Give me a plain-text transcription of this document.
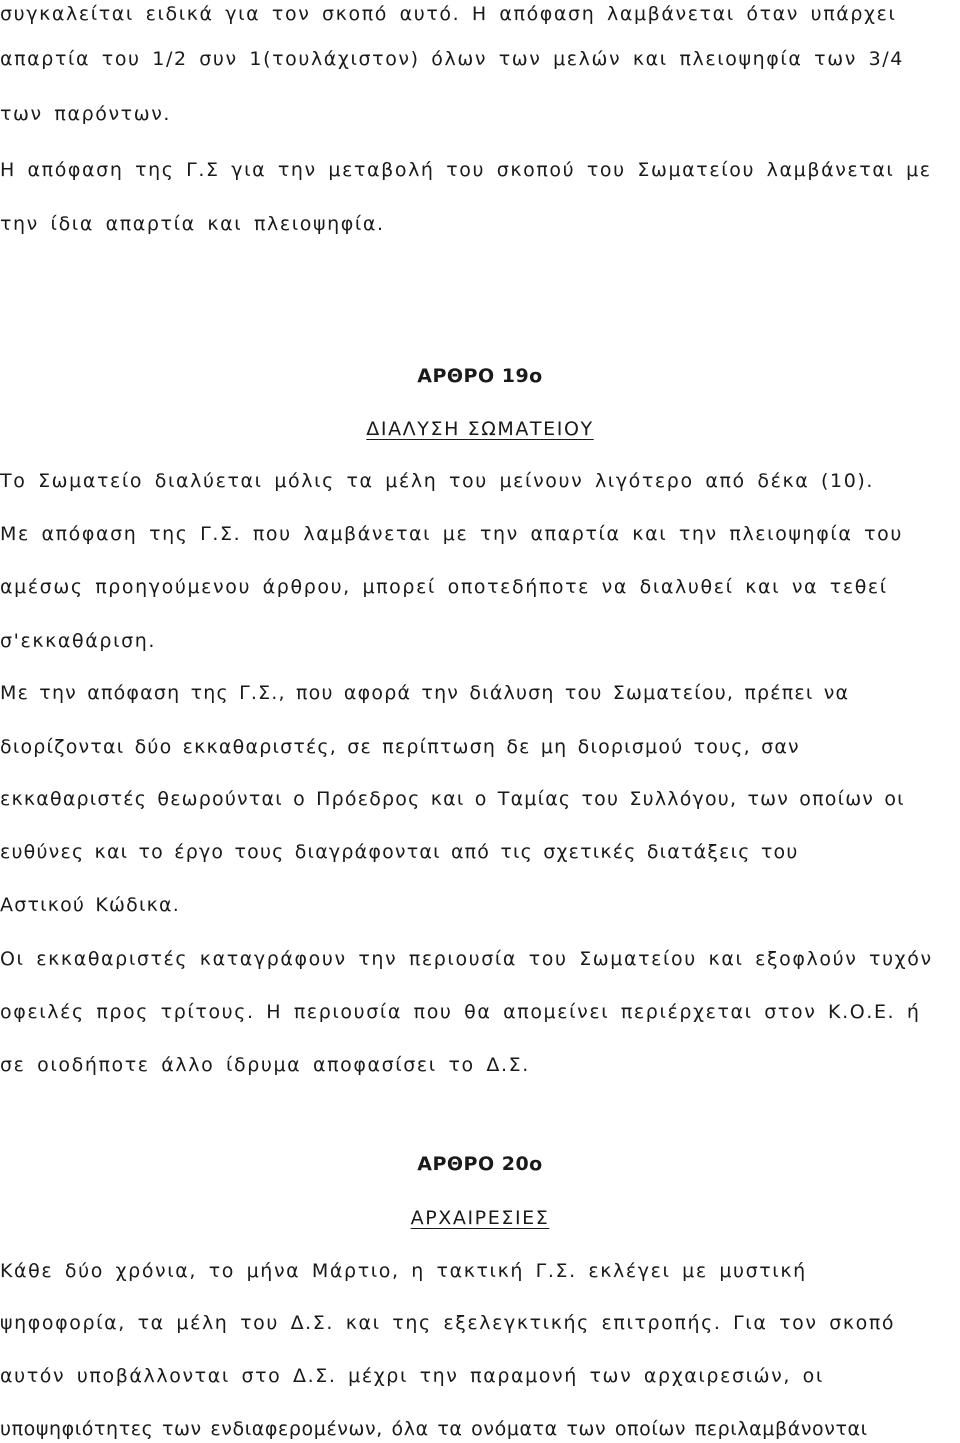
συγκαλείται ειδικά για τον σκοπό αυτό. Η απόφαση λαμβάνεται όταν υπάρχει
απαρτία του 1/2 συν 1(τουλάχιστον) όλων των μελών και πλειοψηφία των 3/4
των παρόντων.
Η απόφαση της Γ.Σ για την μεταβολή του σκοπού του Σωματείου λαμβάνεται με
την ίδια απαρτία και πλειοψηφία.
ΑΡΘΡΟ 19ο
ΔΙΑΛΥΣΗ ΣΩΜΑΤΕΙΟΥ
Το Σωματείο διαλύεται μόλις τα μέλη του μείνουν λιγότερο από δέκα (10).
Με απόφαση της Γ.Σ. που λαμβάνεται με την απαρτία και την πλειοψηφία του
αμέσως προηγούμενου άρθρου, μπορεί οποτεδήποτε να διαλυθεί και να τεθεί
σ'εκκαθάριση.
Με την απόφαση της Γ.Σ., που αφορά την διάλυση του Σωματείου, πρέπει να
διορίζονται δύο εκκαθαριστές, σε περίπτωση δε μη διορισμού τους, σαν
εκκαθαριστές θεωρούνται ο Πρόεδρος και ο Ταμίας του Συλλόγου, των οποίων οι
ευθύνες και το έργο τους διαγράφονται από τις σχετικές διατάξεις του
Αστικού Κώδικα.
Οι εκκαθαριστές καταγράφουν την περιουσία του Σωματείου και εξοφλούν τυχόν
οφειλές προς τρίτους. Η περιουσία που θα απομείνει περιέρχεται στον Κ.Ο.Ε. ή
σε οιοδήποτε άλλο ίδρυμα αποφασίσει το Δ.Σ.
ΑΡΘΡΟ 20ο
ΑΡΧΑΙΡΕΣΙΕΣ
Κάθε δύο χρόνια, το μήνα Μάρτιο, η τακτική Γ.Σ. εκλέγει με μυστική
ψηφοφορία, τα μέλη του Δ.Σ. και της εξελεγκτικής επιτροπής. Για τον σκοπό
αυτόν υποβάλλονται στο Δ.Σ. μέχρι την παραμονή των αρχαιρεσιών, οι
υποψηφιότητες των ενδιαφερομένων, όλα τα ονόματα των οποίων περιλαμβάνονται
